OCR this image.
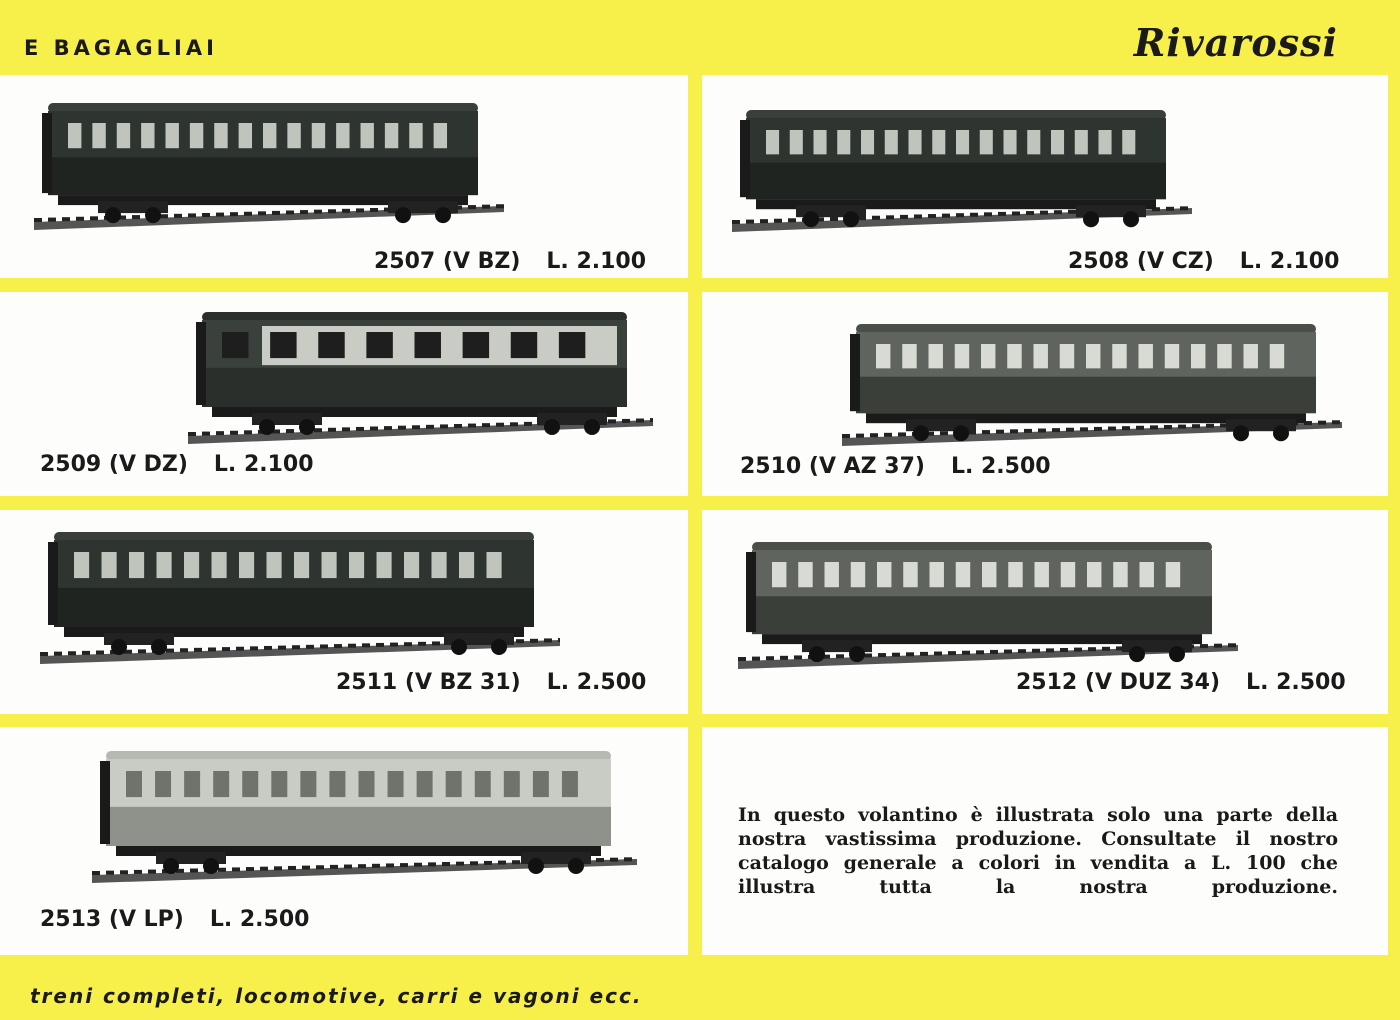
E BAGAGLIAI	Rivarossi
2507 (V BZ) L. 2.100	2508 (V CZ) L. 2.100
2509 (V DZ) L. 2.100	2510 (V AZ 37) L. 2.500
2511 (V BZ 31) L. 2.500	2512 (V DUZ 34) L. 2.500
2513 (V LP) L. 2.500
In questo volantino è illustrata solo una parte della nostra vastissima produzione. Consultate il nostro catalogo generale a colori in vendita a L. 100 che illustra tutta la nostra produzione.
treni completi, locomotive, carri e vagoni ecc.
